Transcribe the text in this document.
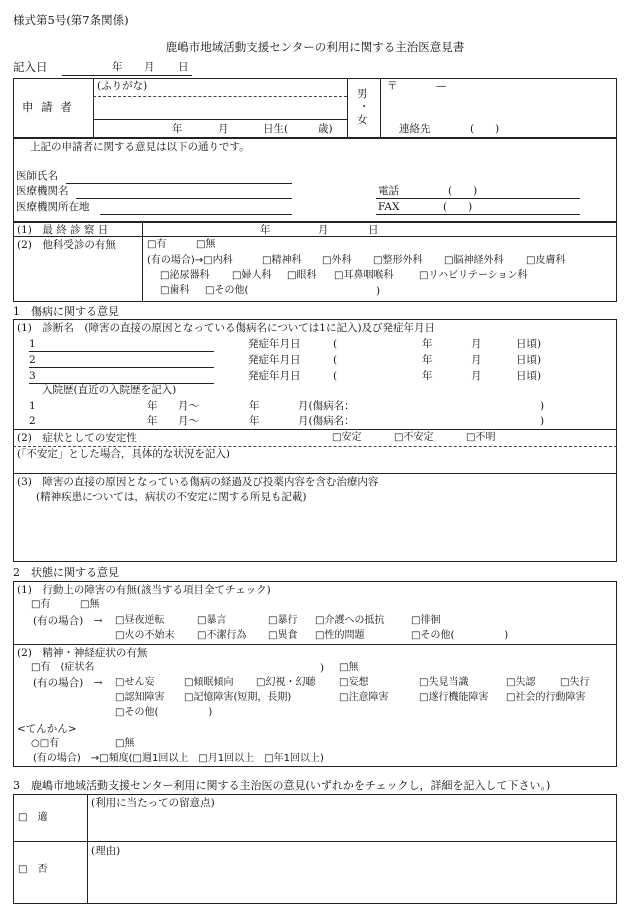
様式第5号(第7条関係)
鹿嶋市地域活動支援センターの利用に関する主治医意見書
記入日	年 月 日
申 請 者
(ふりがな)
年	月	日生(	歳)
男
・
女
〒	—
連絡先	(　　)
上記の申請者に関する意見は以下の通りです。
医師氏名
医療機関名
医療機関所在地
電話	(　　)
FAX	(　　)
(1)　最 終 診 察 日	年	月	日
(2)　他科受診の有無	□有	□無
(有の場合)→□内科	□精神科 □外科 □整形外科 □脳神経外科 □皮膚科
□泌尿器科 □婦人科 □眼科 □耳鼻咽喉科	□リハビリテーション科
□歯科 □その他(	)
1　傷病に関する意見
(1)　診断名　(障害の直接の原因となっている傷病名については1に記入)及び発症年月日
1	発症年月日	(	年	月	日頃)
2	発症年月日	(	年	月	日頃)
3	発症年月日	(	年	月	日頃)
入院歴(直近の入院歴を記入)
1	年 月〜	年	月(傷病名：	)
2	年 月〜	年	月(傷病名：	)
(2)　症状としての安定性	□安定	□不安定	□不明
(「不安定」とした場合，具体的な状況を記入)
(3)　障害の直接の原因となっている傷病の経過及び投薬内容を含む治療内容
(精神疾患については，病状の不安定に関する所見も記載)
2　状態に関する意見
(1)　行動上の障害の有無(該当する項目全てチェック)
□有	□無
(有の場合)　→ □昼夜逆転	□暴言	□暴行 □介護への抵抗	□徘徊
□火の不始末 □不潔行為 □異食 □性的問題	□その他(　　　　　)
(2)　精神・神経症状の有無
□有　(症状名	) □無
(有の場合)　→ □せん妄	□傾眠傾向 □幻視・幻聴 □妄想	□失見当識	□失認 □失行
□認知障害 □記憶障害(短期，長期)	□注意障害	□遂行機能障害 □社会的行動障害
□その他(　　　　　)
<てんかん>
○□有	□無
(有の場合)　→□頻度(□週1回以上　□月1回以上　□年1回以上)
3　鹿嶋市地域活動支援センター利用に関する主治医の意見(いずれかをチェックし，詳細を記入して下さい。)
□　適
(利用に当たっての留意点)
□　否
(理由)
